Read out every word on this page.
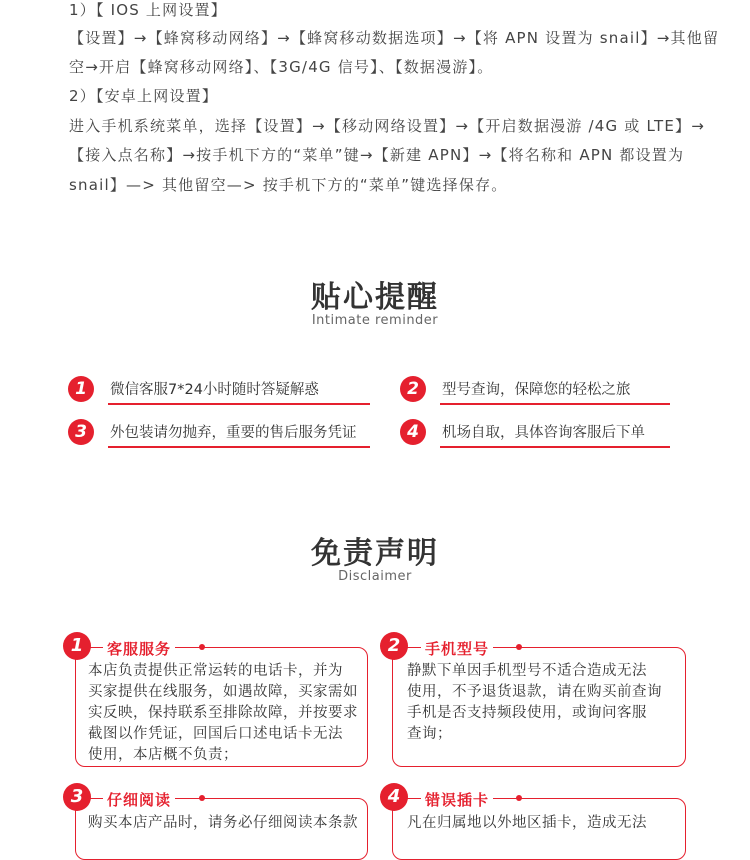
1）【 IOS 上网设置】
【设置】→【蜂窝移动网络】→【蜂窝移动数据选项】→【将 APN 设置为 snail】→其他留
空→开启【蜂窝移动网络】、【3G/4G 信号】、【数据漫游】。
2）【安卓上网设置】
进入手机系统菜单，选择【设置】→【移动网络设置】→【开启数据漫游 /4G 或 LTE】→
【接入点名称】→按手机下方的“菜单”键→【新建 APN】→【将名称和 APN 都设置为
snail】—> 其他留空—> 按手机下方的“菜单”键选择保存。
贴心提醒
Intimate reminder
1	微信客服7*24小时随时答疑解惑	2	型号查询，保障您的轻松之旅
3	外包装请勿抛弃，重要的售后服务凭证	4	机场自取，具体咨询客服后下单
免责声明
Disclaimer
1	客服服务
本店负责提供正常运转的电话卡，并为
买家提供在线服务，如遇故障，买家需如
实反映，保持联系至排除故障，并按要求
截图以作凭证，回国后口述电话卡无法
使用，本店概不负责；
2	手机型号
静默下单因手机型号不适合造成无法
使用，不予退货退款，请在购买前查询
手机是否支持频段使用，或询问客服
查询；
3	仔细阅读
购买本店产品时，请务必仔细阅读本条款
4	错误插卡
凡在归属地以外地区插卡，造成无法
